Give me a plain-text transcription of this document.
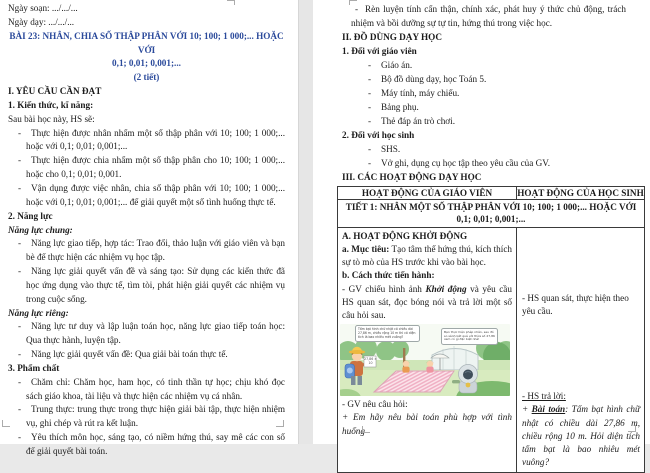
Ngày soạn: .../.../...

Ngày dạy: .../.../...

BÀI 23: NHÂN, CHIA SỐ THẬP PHÂN VỚI 10; 100; 1 000;... HOẶC VỚI

0,1; 0,01; 0,001;...

(2 tiết)

I. YÊU CẦU CẦN ĐẠT

1. Kiến thức, kĩ năng:

Sau bài học này, HS sẽ:

- Thực hiện được nhân nhẩm một số thập phân với 10; 100; 1 000;... hoặc với 0,1; 0,01; 0,001;...

- Thực hiện được chia nhẩm một số thập phân cho 10; 100; 1 000;... hoặc cho 0,1; 0,01; 0,001.

- Vận dụng được việc nhân, chia số thập phân với 10; 100; 1 000;... hoặc với 0,1; 0,01; 0,001;... để giải quyết một số tình huống thực tế.

2. Năng lực

Năng lực chung:

- Năng lực giao tiếp, hợp tác: Trao đổi, thảo luận với giáo viên và bạn bè để thực hiện các nhiệm vụ học tập.

- Năng lực giải quyết vấn đề và sáng tạo: Sử dụng các kiến thức đã học ứng dụng vào thực tế, tìm tòi, phát hiện giải quyết các nhiệm vụ trong cuộc sống.

Năng lực riêng:

- Năng lực tư duy và lập luận toán học, năng lực giao tiếp toán học: Qua thực hành, luyện tập.

- Năng lực giải quyết vấn đề: Qua giải bài toán thực tế.

3. Phẩm chất

- Chăm chỉ: Chăm học, ham học, có tinh thần tự học; chịu khó đọc sách giáo khoa, tài liệu và thực hiện các nhiệm vụ cá nhân.

- Trung thực: trung thực trong thực hiện giải bài tập, thực hiện nhiệm vụ, ghi chép và rút ra kết luận.

- Yêu thích môn học, sáng tạo, có niềm hứng thú, say mê các con số để giải quyết bài toán.

- Rèn luyện tính cẩn thận, chính xác, phát huy ý thức chủ động, trách nhiệm và bồi dưỡng sự tự tin, hứng thú trong việc học.

II. ĐỒ DÙNG DẠY HỌC

1. Đối với giáo viên

- Giáo án.

- Bộ đồ dùng dạy, học Toán 5.

- Máy tính, máy chiếu.

- Bảng phụ.

- Thẻ đáp án trò chơi.

2. Đối với học sinh

- SHS.

- Vở ghi, dụng cụ học tập theo yêu cầu của GV.

III. CÁC HOẠT ĐỘNG DẠY HỌC

HOẠT ĐỘNG CỦA GIÁO VIÊN	HOẠT ĐỘNG CỦA HỌC SINH
TIẾT 1: NHÂN MỘT SỐ THẬP PHÂN VỚI 10; 100; 1 000;... HOẶC VỚI 0,1; 0,01; 0,001;...

A. HOẠT ĐỘNG KHỞI ĐỘNG

a. Mục tiêu: Tạo tâm thế hứng thú, kích thích sự tò mò của HS trước khi vào bài học.

b. Cách thức tiến hành:

- GV chiếu hình ảnh Khởi động và yêu cầu HS quan sát, đọc bóng nói và trả lời một số câu hỏi sau.

Tấm bạt hình chữ nhật có chiều dài 27,86 m, chiều rộng 10 m thì có diện tích là bao nhiêu mét vuông?
Bạn thực hiện phép nhân, sau đó so sánh kết quả với thừa số 27,86 xem có gì đặc biệt nhé!
27,86 × 10

- GV nêu câu hỏi:

+ Em hãy nêu bài toán phù hợp với tình huống

- HS quan sát, thực hiện theo yêu cầu.

- HS trả lời:

+ Bài toán: Tấm bạt hình chữ nhật có chiều dài 27,86 m, chiều rộng 10 m. Hỏi diện tích tấm bạt là bao nhiêu mét vuông?
